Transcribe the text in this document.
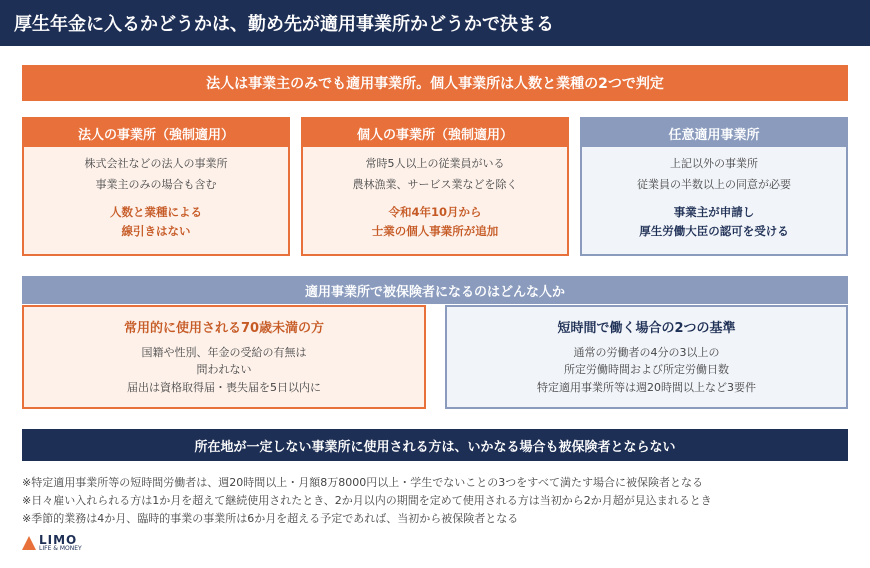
厚生年金に入るかどうかは、勤め先が適用事業所かどうかで決まる
法人は事業主のみでも適用事業所。個人事業所は人数と業種の2つで判定
法人の事業所（強制適用）
株式会社などの法人の事業所
事業主のみの場合も含む
人数と業種による
線引きはない
個人の事業所（強制適用）
常時5人以上の従業員がいる
農林漁業、サービス業などを除く
令和4年10月から
士業の個人事業所が追加
任意適用事業所
上記以外の事業所
従業員の半数以上の同意が必要
事業主が申請し
厚生労働大臣の認可を受ける
適用事業所で被保険者になるのはどんな人か
常用的に使用される70歳未満の方
国籍や性別、年金の受給の有無は
問われない
届出は資格取得届・喪失届を5日以内に
短時間で働く場合の2つの基準
通常の労働者の4分の3以上の
所定労働時間および所定労働日数
特定適用事業所等は週20時間以上など3要件
所在地が一定しない事業所に使用される方は、いかなる場合も被保険者とならない
※特定適用事業所等の短時間労働者は、週20時間以上・月額8万8000円以上・学生でないことの3つをすべて満たす場合に被保険者となる
※日々雇い入れられる方は1か月を超えて継続使用されたとき、2か月以内の期間を定めて使用される方は当初から2か月超が見込まれるとき
※季節的業務は4か月、臨時的事業の事業所は6か月を超える予定であれば、当初から被保険者となる
LIMO
LIFE & MONEY
